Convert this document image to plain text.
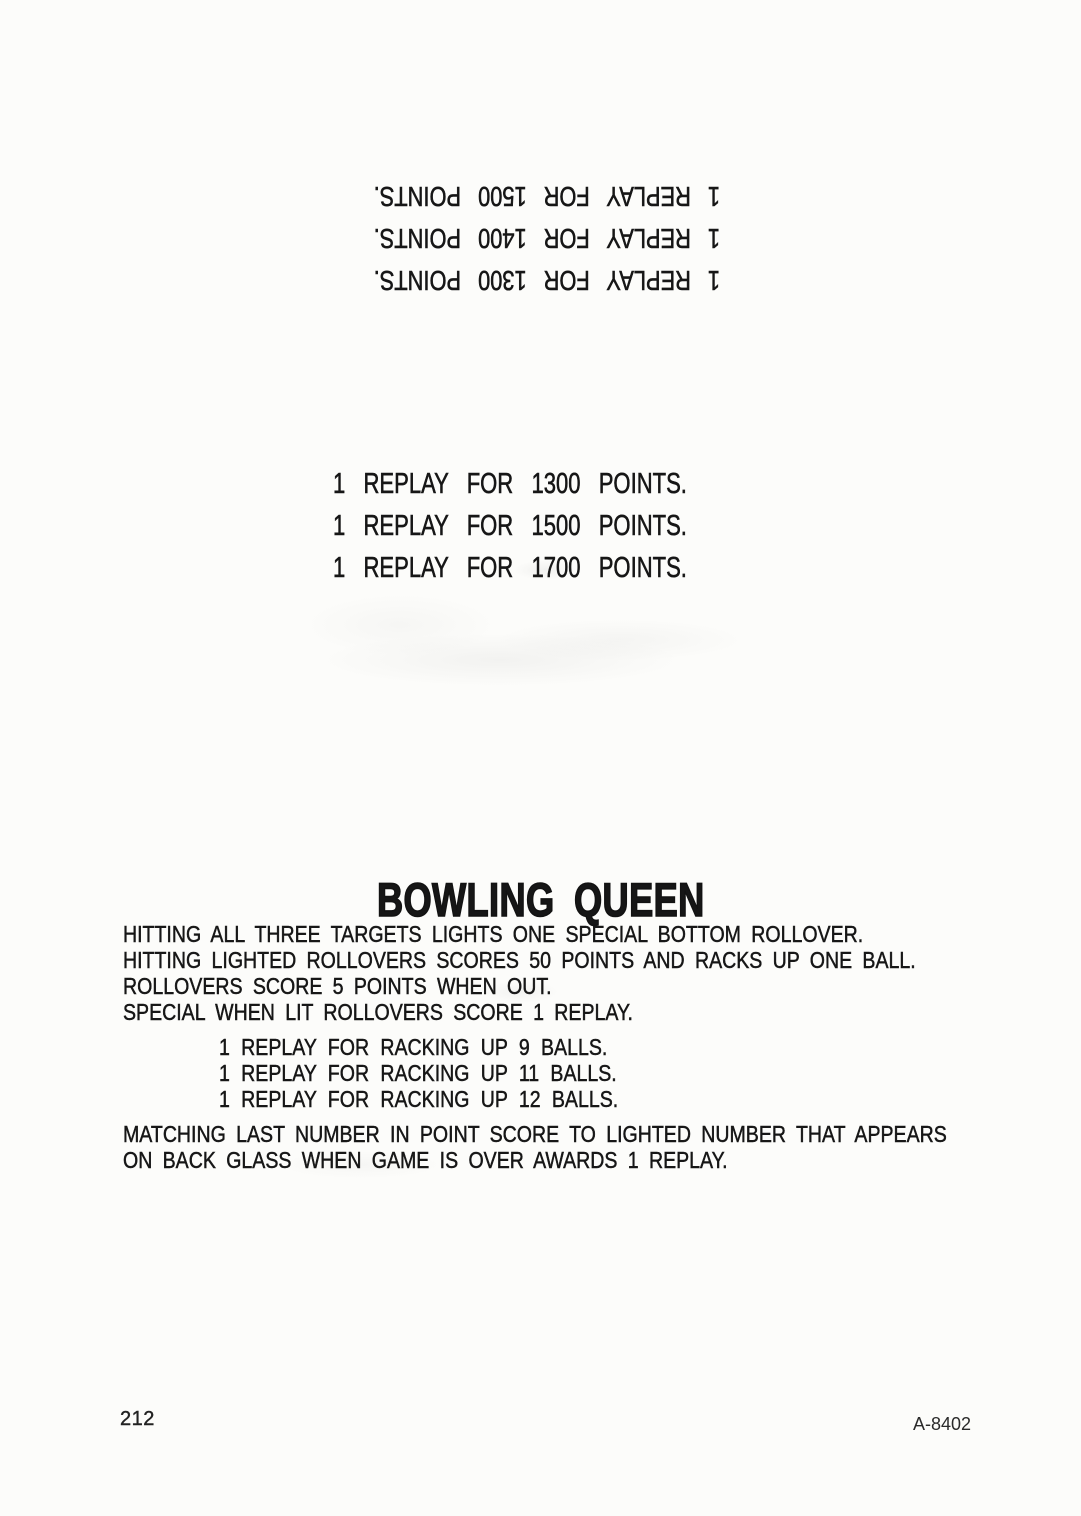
1 REPLAY FOR 1300 POINTS.
1 REPLAY FOR 1400 POINTS.
1 REPLAY FOR 1500 POINTS.
1 REPLAY FOR 1300 POINTS.
1 REPLAY FOR 1500 POINTS.
1 REPLAY FOR 1700 POINTS.
BOWLING QUEEN
HITTING ALL THREE TARGETS LIGHTS ONE SPECIAL BOTTOM ROLLOVER.
HITTING LIGHTED ROLLOVERS SCORES 50 POINTS AND RACKS UP ONE BALL.
ROLLOVERS SCORE 5 POINTS WHEN OUT.
SPECIAL WHEN LIT ROLLOVERS SCORE 1 REPLAY.
1 REPLAY FOR RACKING UP 9 BALLS.
1 REPLAY FOR RACKING UP 11 BALLS.
1 REPLAY FOR RACKING UP 12 BALLS.
MATCHING LAST NUMBER IN POINT SCORE TO LIGHTED NUMBER THAT APPEARS
ON BACK GLASS WHEN GAME IS OVER AWARDS 1 REPLAY.
212	A-8402
